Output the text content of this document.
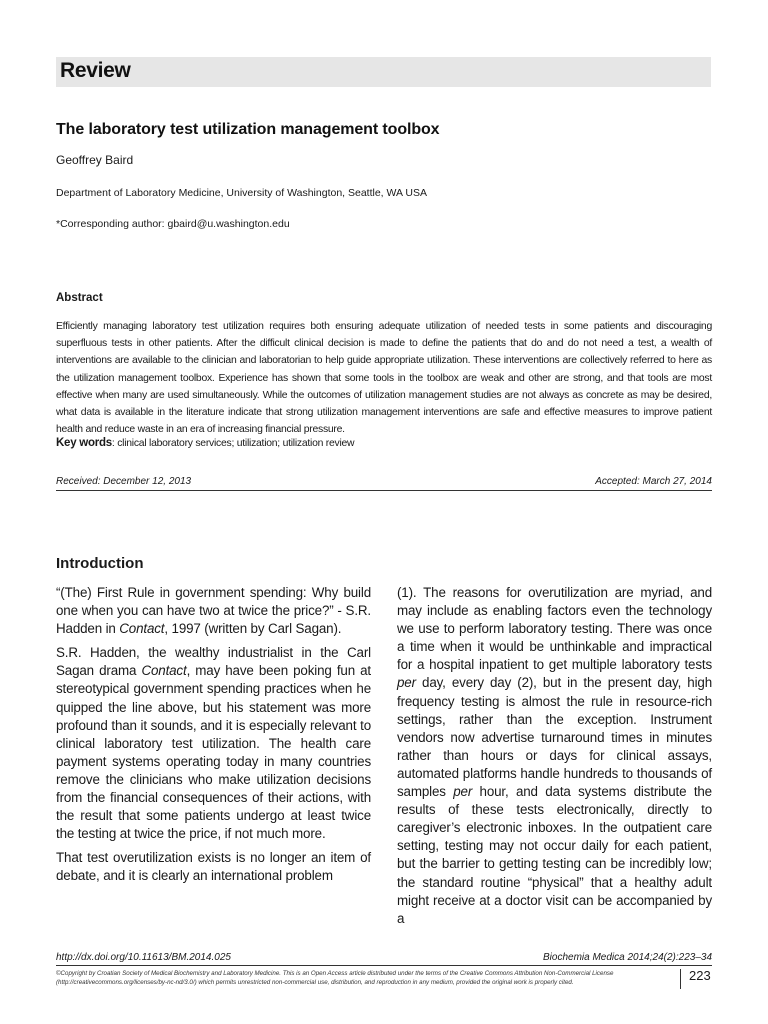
Review
The laboratory test utilization management toolbox
Geoffrey Baird
Department of Laboratory Medicine, University of Washington, Seattle, WA USA
*Corresponding author: gbaird@u.washington.edu
Abstract
Efficiently managing laboratory test utilization requires both ensuring adequate utilization of needed tests in some patients and discouraging superfluous tests in other patients. After the difficult clinical decision is made to define the patients that do and do not need a test, a wealth of interventions are available to the clinician and laboratorian to help guide appropriate utilization. These interventions are collectively referred to here as the utilization management toolbox. Experience has shown that some tools in the toolbox are weak and other are strong, and that tools are most effective when many are used simultaneously. While the outcomes of utilization management studies are not always as concrete as may be desired, what data is available in the literature indicate that strong utilization management interventions are safe and effective measures to improve patient health and reduce waste in an era of increasing financial pressure.
Key words: clinical laboratory services; utilization; utilization review
Received: December 12, 2013	Accepted: March 27, 2014
Introduction

“(The) First Rule in government spending: Why build one when you can have two at twice the price?” - S.R. Hadden in Contact, 1997 (written by Carl Sagan).

S.R. Hadden, the wealthy industrialist in the Carl Sagan drama Contact, may have been poking fun at stereotypical government spending practices when he quipped the line above, but his statement was more profound than it sounds, and it is especially relevant to clinical laboratory test utilization. The health care payment systems operating today in many countries remove the clinicians who make utilization decisions from the financial consequences of their actions, with the result that some patients undergo at least twice the testing at twice the price, if not much more.

That test overutilization exists is no longer an item of debate, and it is clearly an international problem

(1). The reasons for overutilization are myriad, and may include as enabling factors even the technology we use to perform laboratory testing. There was once a time when it would be unthinkable and impractical for a hospital inpatient to get multiple laboratory tests per day, every day (2), but in the present day, high frequency testing is almost the rule in resource-rich settings, rather than the exception. Instrument vendors now advertise turnaround times in minutes rather than hours or days for clinical assays, automated platforms handle hundreds to thousands of samples per hour, and data systems distribute the results of these tests electronically, directly to caregiver’s electronic inboxes. In the outpatient care setting, testing may not occur daily for each patient, but the barrier to getting testing can be incredibly low; the standard routine “physical” that a healthy adult might receive at a doctor visit can be accompanied by a

http://dx.doi.org/10.11613/BM.2014.025	Biochemia Medica 2014;24(2):223–34
©Copyright by Croatian Society of Medical Biochemistry and Laboratory Medicine. This is an Open Access article distributed under the terms of the Creative Commons Attribution Non-Commercial License
(http://creativecommons.org/licenses/by-nc-nd/3.0/) which permits unrestricted non-commercial use, distribution, and reproduction in any medium, provided the original work is properly cited.	223
